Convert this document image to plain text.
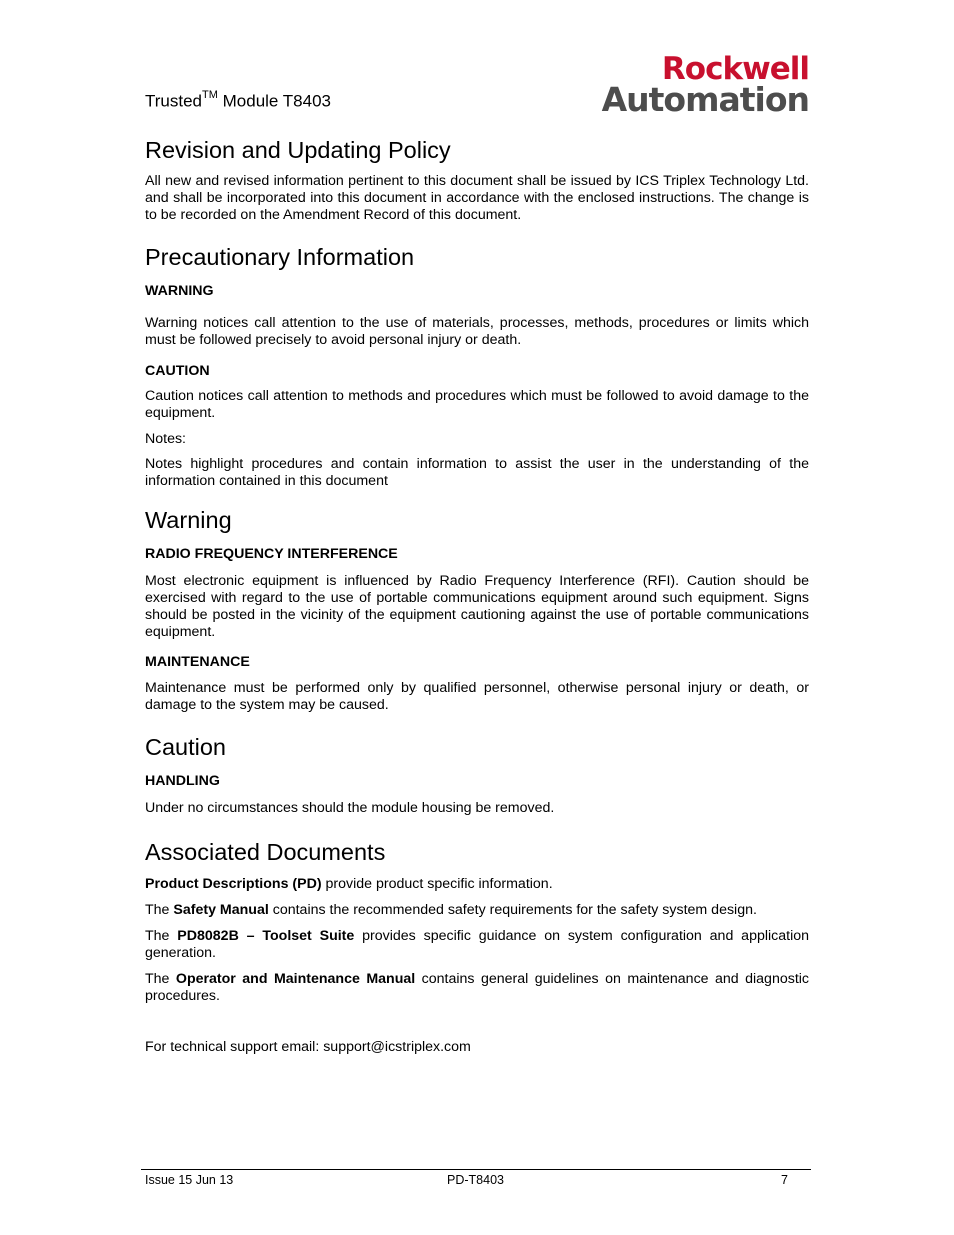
Trusted™ Module T8403
Rockwell
Automation
Revision and Updating Policy

All new and revised information pertinent to this document shall be issued by ICS Triplex Technology Ltd. and shall be incorporated into this document in accordance with the enclosed instructions. The change is to be recorded on the Amendment Record of this document.

Precautionary Information
WARNING

Warning notices call attention to the use of materials, processes, methods, procedures or limits which must be followed precisely to avoid personal injury or death.

CAUTION

Caution notices call attention to methods and procedures which must be followed to avoid damage to the equipment.

Notes:

Notes highlight procedures and contain information to assist the user in the understanding of the information contained in this document

Warning
RADIO FREQUENCY INTERFERENCE

Most electronic equipment is influenced by Radio Frequency Interference (RFI). Caution should be exercised with regard to the use of portable communications equipment around such equipment. Signs should be posted in the vicinity of the equipment cautioning against the use of portable communications equipment.

MAINTENANCE

Maintenance must be performed only by qualified personnel, otherwise personal injury or death, or damage to the system may be caused.

Caution
HANDLING

Under no circumstances should the module housing be removed.

Associated Documents

Product Descriptions (PD) provide product specific information.

The Safety Manual contains the recommended safety requirements for the safety system design.

The PD8082B – Toolset Suite provides specific guidance on system configuration and application generation.

The Operator and Maintenance Manual contains general guidelines on maintenance and diagnostic procedures.

For technical support email: support@icstriplex.com

Issue 15 Jun 13	PD-T8403	7
